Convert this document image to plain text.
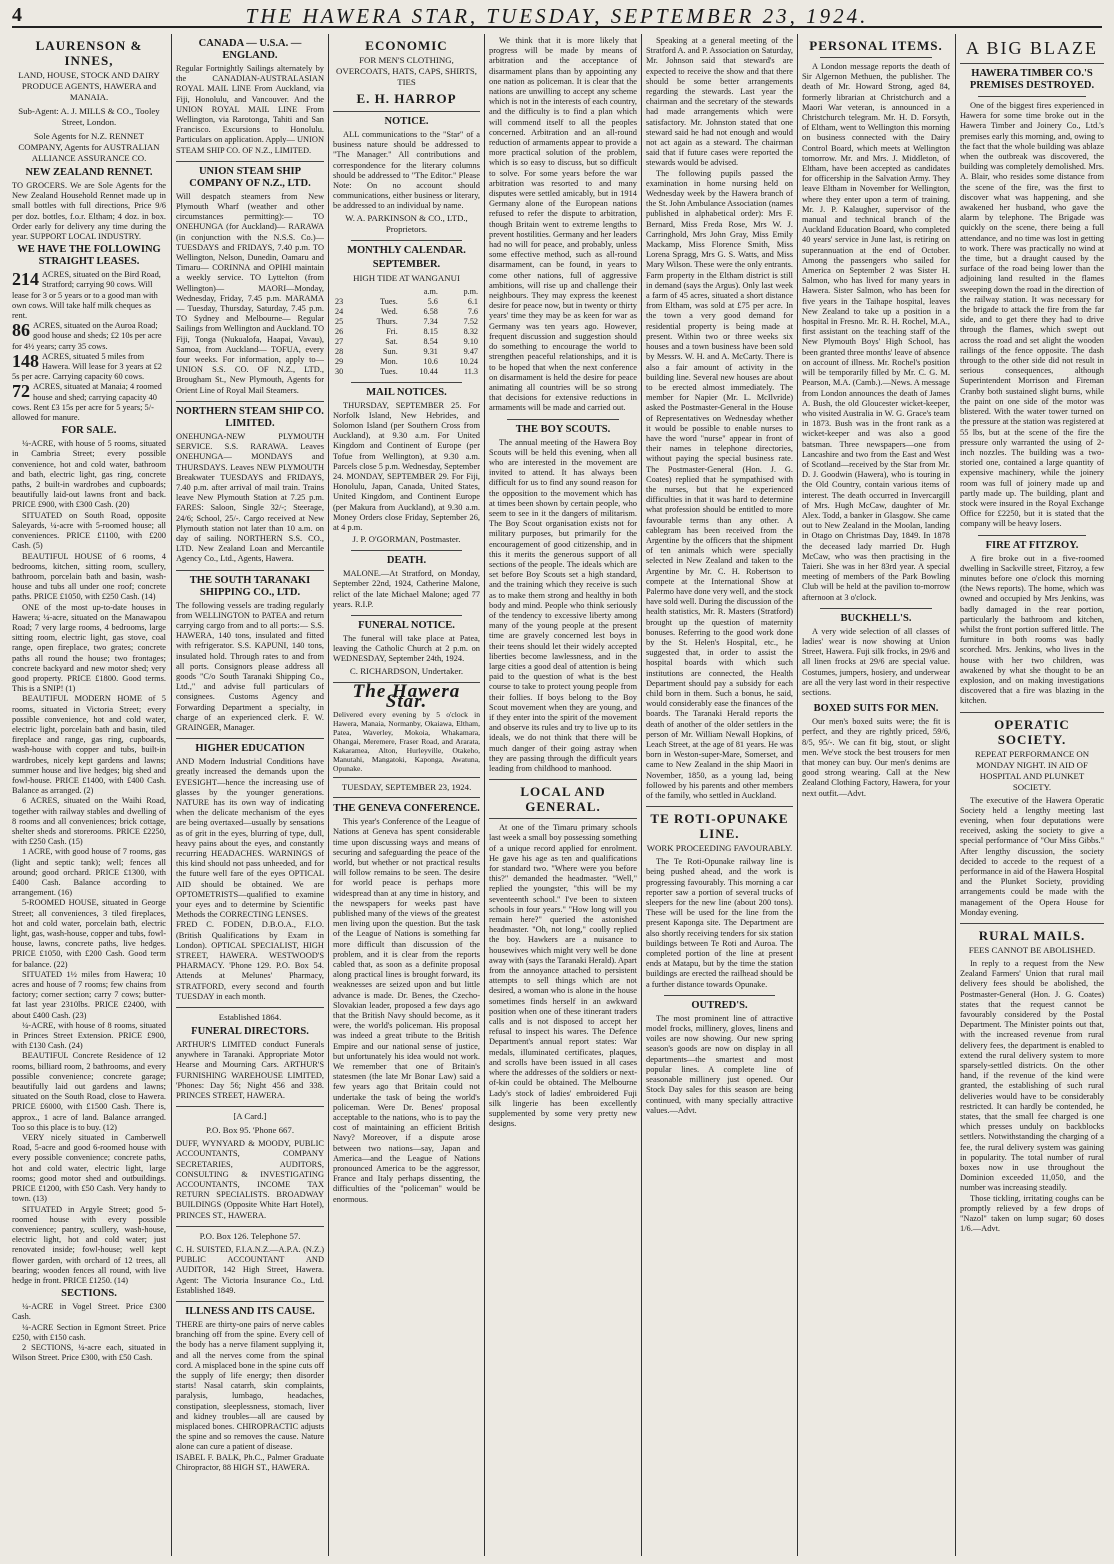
4	THE HAWERA STAR, TUESDAY, SEPTEMBER 23, 1924.
LAURENSON & INNES,
LAND, HOUSE, STOCK AND DAIRY PRODUCE AGENTS, HAWERA and MANAIA.
Sub-Agent: A. J. MILLS & CO., Tooley Street, London.
Sole Agents for N.Z. RENNET COMPANY, Agents for AUSTRALIAN ALLIANCE ASSURANCE CO.
NEW ZEALAND RENNET.

TO GROCERS. We are Sole Agents for the New Zealand Household Rennet made up in small bottles with full directions, Price 9/6 per doz. bottles, f.o.r. Eltham; 4 doz. in box. Order early for delivery any time during the year. SUPPORT LOCAL INDUSTRY.

WE HAVE THE FOLLOWING STRAIGHT LEASES.
214 ACRES, situated on the Bird Road, Stratford; carrying 90 cows. Will lease for 3 or 5 years or to a good man with own cows. Will take half milk cheques as rent.
86 ACRES, situated on the Auroa Road; good house and sheds; £2 10s per acre for 4½ years; carry 35 cows.
148 ACRES, situated 5 miles from Hawera. Will lease for 3 years at £2 5s per acre. Carrying capacity 60 cows.
72 ACRES, situated at Manaia; 4 roomed house and shed; carrying capacity 40 cows. Rent £3 15s per acre for 5 years; 5/- allowed for manure.
FOR SALE.

¼-ACRE, with house of 5 rooms, situated in Cambria Street; every possible convenience, hot and cold water, bathroom and bath, electric light, gas ring, concrete paths, 2 built-in wardrobes and cupboards; beautifully laid-out lawns front and back. PRICE £900, with £300 Cash. (20)

SITUATED on South Road, opposite Saleyards, ¼-acre with 5-roomed house; all conveniences. PRICE £1100, with £200 Cash. (5)

BEAUTIFUL HOUSE of 6 rooms, 4 bedrooms, kitchen, sitting room, scullery, bathroom, porcelain bath and basin, wash-house and tubs all under one roof; concrete paths. PRICE £1050, with £250 Cash. (14)

ONE of the most up-to-date houses in Hawera; ¼-acre, situated on the Manawapou Road; 7 very large rooms, 4 bedrooms, large sitting room, electric light, gas stove, coal range, open fireplace, two grates; concrete paths all round the house; two frontages; concrete backyard and new motor shed; very good property. PRICE £1800. Good terms. This is a SNIP! (1)

BEAUTIFUL MODERN HOME of 5 rooms, situated in Victoria Street; every possible convenience, hot and cold water, electric light, porcelain bath and basin, tiled fireplace and range, gas ring, cupboards, wash-house with copper and tubs, built-in wardrobes, nicely kept gardens and lawns; summer house and live hedges; big shed and fowl-house. PRICE £1400, with £400 Cash. Balance as arranged. (2)

6 ACRES, situated on the Waihi Road, together with railway stables and dwelling of 8 rooms and all conveniences; brick cottage, shelter sheds and storerooms. PRICE £2250, with £250 Cash. (15)

1 ACRE, with good house of 7 rooms, gas (light and septic tank); well; fences all around; good orchard. PRICE £1300, with £400 Cash. Balance according to arrangement. (16)

5-ROOMED HOUSE, situated in George Street; all conveniences, 3 tiled fireplaces, hot and cold water, porcelain bath, electric light, gas, wash-house, copper and tubs, fowl-house, lawns, concrete paths, live hedges. PRICE £1050, with £200 Cash. Good term for balance. (22)

SITUATED 1½ miles from Hawera; 10 acres and house of 7 rooms; few chains from factory; corner section; carry 7 cows; butter-fat last year 2310lbs. PRICE £2400, with about £400 Cash. (23)

¼-ACRE, with house of 8 rooms, situated in Princes Street Extension. PRICE £900, with £130 Cash. (24)

BEAUTIFUL Concrete Residence of 12 rooms, billiard room, 2 bathrooms, and every possible convenience; concrete garage; beautifully laid out gardens and lawns; situated on the South Road, close to Hawera. PRICE £6000, with £1500 Cash. There is, approx., 1 acre of land. Balance arranged. Too so this place is to buy. (12)

VERY nicely situated in Camberwell Road, 5-acre and good 6-roomed house with every possible convenience; concrete paths, hot and cold water, electric light, large rooms; good motor shed and outbuildings. PRICE £1200, with £50 Cash. Very handy to town. (13)

SITUATED in Argyle Street; good 5-roomed house with every possible convenience; pantry, scullery, wash-house, electric light, hot and cold water; just renovated inside; fowl-house; well kept flower garden, with orchard of 12 trees, all bearing; wooden fences all round, with live hedge in front. PRICE £1250. (14)

SECTIONS.

¼-ACRE in Vogel Street. Price £300 Cash.

¼-ACRE Section in Egmont Street. Price £250, with £150 cash.

2 SECTIONS, ¼-acre each, situated in Wilson Street. Price £300, with £50 Cash.

CANADA — U.S.A. — ENGLAND.

Regular Fortnightly Sailings alternately by the CANADIAN-AUSTRALASIAN ROYAL MAIL LINE From Auckland, via Fiji, Honolulu, and Vancouver. And the UNION ROYAL MAIL LINE From Wellington, via Rarotonga, Tahiti and San Francisco. Excursions to Honolulu. Particulars on application. Apply— UNION STEAM SHIP CO. OF N.Z., LIMITED.

UNION STEAM SHIP COMPANY OF N.Z., LTD.

Will despatch steamers from New Plymouth Wharf (weather and other circumstances permitting):— TO ONEHUNGA (for Auckland)— RARAWA (in conjunction with the N.S.S. Co.)— TUESDAYS and FRIDAYS, 7.40 p.m. TO Wellington, Nelson, Dunedin, Oamaru and Timaru— CORINNA and OPIHI maintain a weekly service. TO Lyttelton (from Wellington)— MAORI—Monday, Wednesday, Friday, 7.45 p.m. MARAMA— Tuesday, Thursday, Saturday, 7.45 p.m. TO Sydney and Melbourne— Regular Sailings from Wellington and Auckland. TO Fiji, Tonga (Nukualofa, Haapai, Vavau), Samoa, from Auckland— TOFUA, every four weeks. For information, apply to— UNION S.S. CO. OF N.Z., LTD., Brougham St., New Plymouth, Agents for Orient Line of Royal Mail Steamers.

NORTHERN STEAM SHIP CO. LIMITED.

ONEHUNGA-NEW PLYMOUTH SERVICE. S.S. RARAWA. Leaves ONEHUNGA— MONDAYS and THURSDAYS. Leaves NEW PLYMOUTH Breakwater TUESDAYS and FRIDAYS, 7.40 p.m. after arrival of mail train. Trains leave New Plymouth Station at 7.25 p.m. FARES: Saloon, Single 32/-; Steerage, 24/6; School, 25/-. Cargo received at New Plymouth station not later than 10 a.m. on day of sailing. NORTHERN S.S. CO., LTD. New Zealand Loan and Mercantile Agency Co., Ltd., Agents, Hawera.

THE SOUTH TARANAKI SHIPPING CO., LTD.

The following vessels are trading regularly from WELLINGTON to PATEA and return carrying cargo from and to all ports:— S.S. HAWERA, 140 tons, insulated and fitted with refrigerator. S.S. KAPUNI, 140 tons, insulated hold. Through rates to and from all ports. Consignors please address all goods "C/o South Taranaki Shipping Co., Ltd.," and advise full particulars of consignees. Customs Agency and Forwarding Department a specialty, in charge of an experienced clerk. F. W. GRAINGER, Manager.

HIGHER EDUCATION

AND Modern Industrial Conditions have greatly increased the demands upon the EYESIGHT—hence the increasing use of glasses by the younger generations. NATURE has its own way of indicating when the delicate mechanism of the eyes are being overtaxed—usually by sensations as of grit in the eyes, blurring of type, dull, heavy pains about the eyes, and constantly recurring HEADACHES. WARNINGS of this kind should not pass unheeded, and for the future well fare of the eyes OPTICAL AID should be obtained. We are OPTOMETRISTS—qualified to examine your eyes and to determine by Scientific Methods the CORRECTING LENSES.

FRED C. FODEN, D.B.O.A., F.I.O. (British Qualifications by Exam in London). OPTICAL SPECIALIST, HIGH STREET, HAWERA. WESTWOOD'S PHARMACY. 'Phone 129. P.O. Box 54. Attends at Melunes' Pharmacy, STRATFORD, every second and fourth TUESDAY in each month.

Established 1864.
FUNERAL DIRECTORS.

ARTHUR'S LIMITED conduct Funerals anywhere in Taranaki. Appropriate Motor Hearse and Mourning Cars. ARTHUR'S FURNISHING WAREHOUSE LIMITED, 'Phones: Day 56; Night 456 and 338. PRINCES STREET, HAWERA.

[A Card.]
P.O. Box 95. 'Phone 667.

DUFF, WYNYARD & MOODY, PUBLIC ACCOUNTANTS, COMPANY SECRETARIES, AUDITORS, CONSULTING & INVESTIGATING ACCOUNTANTS, INCOME TAX RETURN SPECIALISTS. BROADWAY BUILDINGS (Opposite White Hart Hotel), PRINCES ST., HAWERA.

P.O. Box 126. Telephone 57.

C. H. SUISTED, F.I.A.N.Z.—A.P.A. (N.Z.) PUBLIC ACCOUNTANT AND AUDITOR, 142 High Street, Hawera. Agent: The Victoria Insurance Co., Ltd. Established 1849.

ILLNESS AND ITS CAUSE.

THERE are thirty-one pairs of nerve cables branching off from the spine. Every cell of the body has a nerve filament supplying it, and all the nerves come from the spinal cord. A misplaced bone in the spine cuts off the supply of life energy; then disorder starts! Nasal catarrh, skin complaints, paralysis, lumbago, headaches, constipation, sleeplessness, stomach, liver and kidney troubles—all are caused by misplaced bones. CHIROPRACTIC adjusts the spine and so removes the cause. Nature alone can cure a patient of disease.

ISABEL F. BALK, Ph.C., Palmer Graduate Chiropractor, 88 HIGH ST., HAWERA.

ECONOMIC
FOR MEN'S CLOTHING, OVERCOATS, HATS, CAPS, SHIRTS, TIES
E. H. HARROP
NOTICE.

ALL communications to the "Star" of a business nature should be addressed to "The Manager." All contributions and correspondence for the literary columns should be addressed to "The Editor." Please Note: On no account should communications, either business or literary, be addressed to an individual by name.

W. A. PARKINSON & CO., LTD., Proprietors.
MONTHLY CALENDAR.
SEPTEMBER.
HIGH TIDE AT WANGANUI
		a.m.	p.m.
23	Tues.	5.6	6.1
24	Wed.	6.58	7.6
25	Thurs.	7.34	7.52
26	Fri.	8.15	8.32
27	Sat.	8.54	9.10
28	Sun.	9.31	9.47
29	Mon.	10.6	10.24
30	Tues.	10.44	11.3
MAIL NOTICES.

THURSDAY, SEPTEMBER 25. For Norfolk Island, New Hebrides, and Solomon Island (per Southern Cross from Auckland), at 9.30 a.m. For United Kingdom and Continent of Europe (per Tofue from Wellington), at 9.30 a.m. Parcels close 5 p.m. Wednesday, September 24. MONDAY, SEPTEMBER 29. For Fiji, Honolulu, Japan, Canada, United States, United Kingdom, and Continent Europe (per Makura from Auckland), at 9.30 a.m. Money Orders close Friday, September 26, at 4 p.m.

J. P. O'GORMAN, Postmaster.
DEATH.

MALONE.—At Stratford, on Monday, September 22nd, 1924, Catherine Malone, relict of the late Michael Malone; aged 77 years. R.I.P.

FUNERAL NOTICE.

The funeral will take place at Patea, leaving the Catholic Church at 2 p.m. on WEDNESDAY, September 24th, 1924.

C. RICHARDSON, Undertaker.
The Hawera Star.

Delivered every evening by 5 o'clock in Hawera, Manaia, Normanby, Okaiawa, Eltham, Patea, Waverley, Mokoia, Whakamara, Ohangai, Meremere, Fraser Road, and Ararata, Kakaramea, Alton, Hurleyville, Otakeho, Manutahi, Mangatoki, Kaponga, Awatuna, Opunake.

TUESDAY, SEPTEMBER 23, 1924.
THE GENEVA CONFERENCE.

This year's Conference of the League of Nations at Geneva has spent considerable time upon discussing ways and means of securing and safeguarding the peace of the world, but whether or not practical results will follow remains to be seen. The desire for world peace is perhaps more widespread than at any time in history, and the newspapers for weeks past have published many of the views of the greatest men living upon the question. But the task of the League of Nations is something far more difficult than discussion of the problem, and it is clear from the reports cabled that, as soon as a definite proposal along practical lines is brought forward, its weaknesses are seized upon and but little advance is made. Dr. Benes, the Czecho-Slovakian leader, proposed a few days ago that the British Navy should become, as it were, the world's policeman. His proposal was indeed a great tribute to the British Empire and our national sense of justice, but unfortunately his idea would not work. We remember that one of Britain's statesmen (the late Mr Bonar Law) said a few years ago that Britain could not undertake the task of being the world's policeman. Were Dr. Benes' proposal acceptable to the nations, who is to pay the cost of maintaining an efficient British Navy? Moreover, if a dispute arose between two nations—say, Japan and America—and the League of Nations pronounced America to be the aggressor, France and Italy perhaps dissenting, the difficulties of the "policeman" would be enormous.

We think that it is more likely that progress will be made by means of arbitration and the acceptance of disarmament plans than by appointing any one nation as policeman. It is clear that the nations are unwilling to accept any scheme which is not in the interests of each country, and the difficulty is to find a plan which will commend itself to all the peoples concerned. Arbitration and an all-round reduction of armaments appear to provide a more practical solution of the problem, which is so easy to discuss, but so difficult to solve. For some years before the war arbitration was resorted to and many disputes were settled amicably, but in 1914 Germany alone of the European nations refused to refer the dispute to arbitration, though Britain went to extreme lengths to prevent hostilities. Germany and her leaders had no will for peace, and probably, unless some effective method, such as all-round disarmament, can be found, in years to come other nations, full of aggressive ambitions, will rise up and challenge their neighbours. They may express the keenest desire for peace now, but in twenty or thirty years' time they may be as keen for war as Germany was ten years ago. However, frequent discussion and suggestion should do something to encourage the world to strengthen peaceful relationships, and it is to be hoped that when the next conference on disarmament is held the desire for peace animating all countries will be so strong that decisions for extensive reductions in armaments will be made and carried out.

THE BOY SCOUTS.

The annual meeting of the Hawera Boy Scouts will be held this evening, when all who are interested in the movement are invited to attend. It has always been difficult for us to find any sound reason for the opposition to the movement which has at times been shown by certain people, who seem to see in it the dangers of militarism. The Boy Scout organisation exists not for military purposes, but primarily for the encouragement of good citizenship, and in this it merits the generous support of all sections of the people. The ideals which are set before Boy Scouts set a high standard, and the training which they receive is such as to make them strong and healthy in both body and mind. People who think seriously of the tendency to excessive liberty among many of the young people at the present time are gravely concerned lest boys in their teens should let their widely accepted liberties become lawlessness, and in the large cities a good deal of attention is being paid to the question of what is the best course to take to protect young people from their follies. If boys belong to the Boy Scout movement when they are young, and if they enter into the spirit of the movement and observe its rules and try to live up to its ideals, we do not think that there will be much danger of their going astray when they are passing through the difficult years leading from childhood to manhood.

LOCAL AND GENERAL.

At one of the Timaru primary schools last week a small boy possessing something of a unique record applied for enrolment. He gave his age as ten and qualifications for standard two. "Where were you before this?" demanded the headmaster. "Well," replied the youngster, "this will be my seventeenth school." I've been to sixteen schools in four years." "How long will you remain here?" queried the astonished headmaster. "Oh, not long," coolly replied the boy. Hawkers are a nuisance to housewives which might very well be done away with (says the Taranaki Herald). Apart from the annoyance attached to persistent attempts to sell things which are not desired, a woman who is alone in the house sometimes finds herself in an awkward position when one of these itinerant traders calls and is not disposed to accept her refusal to inspect his wares. The Defence Department's annual report states: War medals, illuminated certificates, plaques, and scrolls have been issued in all cases where the addresses of the soldiers or next-of-kin could be obtained. The Melbourne Lady's stock of ladies' embroidered Fuji silk lingerie has been excellently supplemented by some very pretty new designs.

Speaking at a general meeting of the Stratford A. and P. Association on Saturday, Mr. Johnson said that steward's are expected to receive the show and that there should be some better arrangements regarding the stewards. Last year the chairman and the secretary of the stewards had made arrangements which were satisfactory. Mr. Johnston stated that one steward said he had not enough and would not act again as a steward. The chairman said that if future cases were reported the stewards would be advised.

The following pupils passed the examination in home nursing held on Wednesday week by the Hawera branch of the St. John Ambulance Association (names published in alphabetical order): Mrs F. Bernard, Miss Freda Rose, Mrs W. J. Carringhold, Mrs John Gray, Miss Emily Mackamp, Miss Florence Smith, Miss Lorena Spragg, Mrs G. S. Watts, and Miss Mary Wilson. These were the only entrants. Farm property in the Eltham district is still in demand (says the Argus). Only last week a farm of 45 acres, situated a short distance from Eltham, was sold at £75 per acre. In the town a very good demand for residential property is being made at present. Within two or three weeks six houses and a town business have been sold by Messrs. W. H. and A. McCarty. There is also a fair amount of activity in the building line. Several new houses are about to be erected almost immediately. The member for Napier (Mr. L. McIlvride) asked the Postmaster-General in the House of Representatives on Wednesday whether it would be possible to enable nurses to have the word "nurse" appear in front of their names in telephone directories, without paying the special business rate. The Postmaster-General (Hon. J. G. Coates) replied that he sympathised with the nurses, but that he experienced difficulties in that it was hard to determine what profession should be entitled to more favourable terms than any other. A cablegram has been received from the Argentine by the officers that the shipment of ten animals which were specially selected in New Zealand and taken to the Argentine by Mr. C. H. Robertson to compete at the International Show at Palermo have done very well, and the stock have sold well. During the discussion of the health statistics, Mr. R. Masters (Stratford) brought up the question of maternity bonuses. Referring to the good work done by the St. Helen's Hospital, etc., he suggested that, in order to assist the hospital boards with which such institutions are connected, the Health Department should pay a subsidy for each child born in them. Such a bonus, he said, would considerably ease the finances of the boards. The Taranaki Herald reports the death of another of the older settlers in the person of Mr. William Newall Hopkins, of Leach Street, at the age of 81 years. He was born in Weston-super-Mare, Somerset, and came to New Zealand in the ship Maori in November, 1850, as a young lad, being followed by his parents and other members of the family, who settled in Auckland.

TE ROTI-OPUNAKE LINE.
WORK PROCEEDING FAVOURABLY.

The Te Roti-Opunake railway line is being pushed ahead, and the work is progressing favourably. This morning a car reporter saw a portion of several trucks of sleepers for the new line (about 200 tons). These will be used for the line from the present Kaponga site. The Department are also shortly receiving tenders for six station buildings between Te Roti and Auroa. The completed portion of the line at present ends at Matapu, but by the time the station buildings are erected the railhead should be a further distance towards Opunake.

OUTRED'S.

The most prominent line of attractive model frocks, millinery, gloves, linens and voiles are now showing. Our new spring season's goods are now on display in all departments—the smartest and most popular lines. A complete line of seasonable millinery just opened. Our Stock Day sales for this season are being continued, with many specially attractive values.—Advt.

PERSONAL ITEMS.

A London message reports the death of Sir Algernon Methuen, the publisher. The death of Mr. Howard Strong, aged 84, formerly librarian at Christchurch and a Maori War veteran, is announced in a Christchurch telegram. Mr. H. D. Forsyth, of Eltham, went to Wellington this morning on business connected with the Dairy Control Board, which meets at Wellington tomorrow. Mr. and Mrs. J. Middleton, of Eltham, have been accepted as candidates for officership in the Salvation Army. They leave Eltham in November for Wellington, where they enter upon a term of training. Mr. J. P. Kalaugher, supervisor of the manual and technical branch of the Auckland Education Board, who completed 40 years' service in June last, is retiring on superannuation at the end of October. Among the passengers who sailed for America on September 2 was Sister H. Salmon, who has lived for many years in Hawera. Sister Salmon, who has been for five years in the Taihape hospital, leaves New Zealand to take up a position in a hospital in Fresno. Mr. R. H. Rochel, M.A., first assistant on the teaching staff of the New Plymouth Boys' High School, has been granted three months' leave of absence on account of illness. Mr. Rochel's position will be temporarily filled by Mr. C. G. M. Pearson, M.A. (Camb.).—News. A message from London announces the death of James A. Bush, the old Gloucester wicket-keeper, who visited Australia in W. G. Grace's team in 1873. Bush was in the front rank as a wicket-keeper and was also a good batsman. Three newspapers—one from Lancashire and two from the East and West of Scotland—received by the Star from Mr. D. J. Goodwin (Hawera), who is touring in the Old Country, contain various items of interest. The death occurred in Invercargill of Mrs. Hugh McCaw, daughter of Mr. Alex. Todd, a banker in Glasgow. She came out to New Zealand in the Moolan, landing in Otago on Christmas Day, 1849. In 1878 the deceased lady married Dr. Hugh McCaw, who was then practising in the Taieri. She was in her 83rd year. A special meeting of members of the Park Bowling Club will be held at the pavilion to-morrow afternoon at 3 o'clock.

BUCKHELL'S.

A very wide selection of all classes of ladies' wear is now showing at Union Street, Hawera. Fuji silk frocks, in 29/6 and all linen frocks at 29/6 are special value. Costumes, jumpers, hosiery, and underwear are all the very last word in their respective sections.

BOXED SUITS FOR MEN.

Our men's boxed suits were; the fit is perfect, and they are rightly priced, 59/6, 8/5, 95/-. We can fit big, stout, or slight men. We've stock the best trousers for men that money can buy. Our men's denims are good strong wearing. Call at the New Zealand Clothing Factory, Hawera, for your next outfit.—Advt.

A BIG BLAZE
HAWERA TIMBER CO.'S PREMISES DESTROYED.

One of the biggest fires experienced in Hawera for some time broke out in the Hawera Timber and Joinery Co., Ltd.'s premises early this morning, and, owing to the fact that the whole building was ablaze when the outbreak was discovered, the building was completely demolished. Mrs. A. Blair, who resides some distance from the scene of the fire, was the first to discover what was happening, and she awakened her husband, who gave the alarm by telephone. The Brigade was quickly on the scene, there being a full attendance, and no time was lost in getting to work. There was practically no wind at the time, but a draught caused by the surface of the road being lower than the adjoining land resulted in the flames sweeping down the road in the direction of the railway station. It was necessary for the brigade to attack the fire from the far side, and to get there they had to drive through the flames, which swept out across the road and set alight the wooden railings of the fence opposite. The dash through to the other side did not result in serious consequences, although Superintendent Morrison and Fireman Cranby both sustained slight burns, while the paint on one side of the motor was blistered. With the water tower turned on the pressure at the station was registered at 55 lbs, but at the scene of the fire the pressure only warranted the using of 2-inch nozzles. The building was a two-storied one, contained a large quantity of expensive machinery, while the joinery room was full of joinery made up and partly made up. The building, plant and stock were insured in the Royal Exchange Office for £2250, but it is stated that the company will be heavy losers.

FIRE AT FITZROY.

A fire broke out in a five-roomed dwelling in Sackville street, Fitzroy, a few minutes before one o'clock this morning (the News reports). The home, which was owned and occupied by Mrs Jenkins, was badly damaged in the rear portion, particularly the bathroom and kitchen, whilst the front portion suffered little. The furniture in both rooms was badly scorched. Mrs. Jenkins, who lives in the house with her two children, was awakened by what she thought to be an explosion, and on making investigations discovered that a fire was blazing in the kitchen.

OPERATIC SOCIETY.
REPEAT PERFORMANCE ON MONDAY NIGHT. IN AID OF HOSPITAL AND PLUNKET SOCIETY.

The executive of the Hawera Operatic Society held a lengthy meeting last evening, when four deputations were received, asking the society to give a special performance of "Our Miss Gibbs." After lengthy discussion, the society decided to accede to the request of a performance in aid of the Hawera Hospital and the Plunket Society, providing arrangements could be made with the management of the Opera House for Monday evening.

RURAL MAILS.
FEES CANNOT BE ABOLISHED.

In reply to a request from the New Zealand Farmers' Union that rural mail delivery fees should be abolished, the Postmaster-General (Hon. J. G. Coates) states that the request cannot be favourably considered by the Postal Department. The Minister points out that, with the increased revenue from rural delivery fees, the department is enabled to extend the rural delivery system to more sparsely-settled districts. On the other hand, if the revenue of the kind were granted, the establishing of such rural deliveries would have to be considerably restricted. It can hardly be contended, he states, that the small fee charged is one which presses unduly on backblocks settlers. Notwithstanding the charging of a fee, the rural delivery system was gaining in popularity. The total number of rural boxes now in use throughout the Dominion exceeded 11,050, and the number was increasing steadily.

Those tickling, irritating coughs can be promptly relieved by a few drops of "Nazol" taken on lump sugar; 60 doses 1/6.—Advt.
